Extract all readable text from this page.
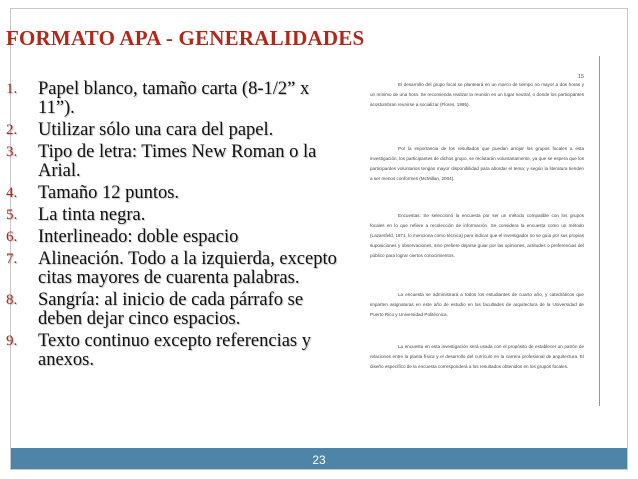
FORMATO APA - GENERALIDADES
1.	Papel blanco, tamaño carta (8-1/2” x 11”).
2.	Utilizar sólo una cara del papel.
3.	Tipo de letra: Times New Roman o la Arial.
4.	Tamaño 12 puntos.
5.	La tinta negra.
6.	Interlineado: doble espacio
7.	Alineación. Todo a la izquierda, excepto citas mayores de cuarenta palabras.
8.	Sangría: al inicio de cada párrafo se deben dejar cinco espacios.
9.	Texto continuo excepto referencias y anexos.
15
El desarrollo del grupo focal se planteará en un marco de tiempo no mayor a dos horas y un mínimo de una hora. Se recomienda realizar la reunión en un lugar neutral, o donde los participantes acostumbran reunirse a socializar (Flores, 1995).
Por la importancia de los resultados que puedan arrojar los grupos focales a esta investigación, los participantes de dichos grupo, se reclutarán voluntariamente, ya que se espera que los participantes voluntarios tengan mayor disponibilidad para abordar el tema; y según la literatura tienden a ser menos conformes (McMillan, 2004).
Encuestas: Se seleccionó la encuesta por ser un método compatible con los grupos focales en lo que refiere a recolección de información. Se considera la encuesta como un método (Lazarsfeld, 1971, lo menciona como técnica) para indicar que el investigador no se guía por sus propias suposiciones y observaciones, sino prefiere dejarse guiar por las opiniones, actitudes o preferencias del público para lograr ciertos conocimientos.
La encuesta se administrará a todos los estudiantes de cuarto año, y catedráticos que imparten asignaturas en este año de estudio en las facultades de arquitectura de la Universidad de Puerto Rico y Universidad Politécnica.
La encuesta en esta investigación será usada con el propósito de establecer un patrón de relaciones entre la planta física y el desarrollo del currículo en la carrera profesional de arquitectura. El diseño específico de la encuesta corresponderá a los resultados obtenidos en los grupos focales.
23
